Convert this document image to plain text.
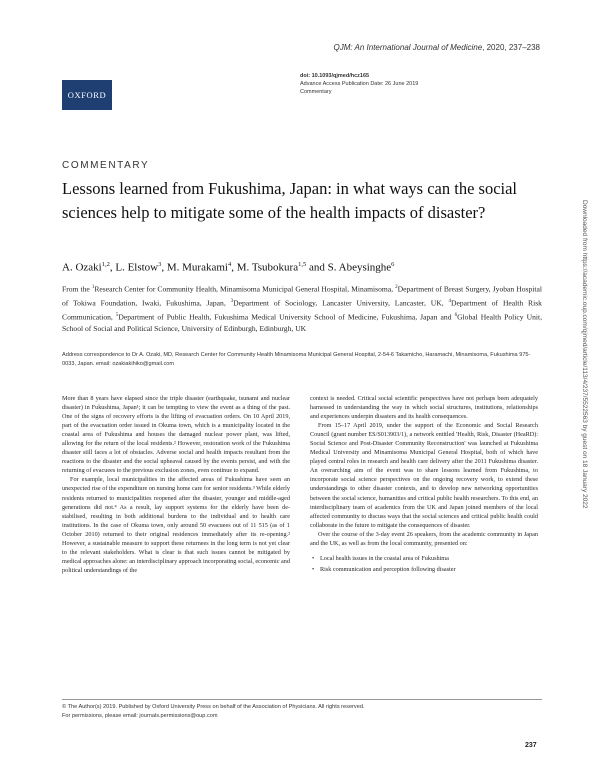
OXFORD
QJM: An International Journal of Medicine, 2020, 237–238
doi: 10.1093/qjmed/hcz165
Advance Access Publication Date: 26 June 2019
Commentary
COMMENTARY
Lessons learned from Fukushima, Japan: in what ways can the social sciences help to mitigate some of the health impacts of disaster?
A. Ozaki$^{1,2}$, L. Elstow$^3$, M. Murakami$^4$, M. Tsubokura$^{1,5}$ and S. Abeysinghe$^6$
From the $^1$Research Center for Community Health, Minamisoma Municipal General Hospital, Minamisoma, $^2$Department of Breast Surgery, Jyoban Hospital of Tokiwa Foundation, Iwaki, Fukushima, Japan, $^3$Department of Sociology, Lancaster University, Lancaster, UK, $^4$Department of Health Risk Communication, $^5$Department of Public Health, Fukushima Medical University School of Medicine, Fukushima, Japan and $^6$Global Health Policy Unit, School of Social and Political Science, University of Edinburgh, Edinburgh, UK
Address correspondence to Dr A. Ozaki, MD, Research Center for Community Health Minamisoma Municipal General Hospital, 2-54-6 Takamicho, Haramachi, Minamisoma, Fukushima 975-0033, Japan. email: ozakiakihiko@gmail.com

More than 8 years have elapsed since the triple disaster (earthquake, tsunami and nuclear disaster) in Fukushima, Japan¹; it can be tempting to view the event as a thing of the past. One of the signs of recovery efforts is the lifting of evacuation orders. On 10 April 2019, part of the evacuation order issued in Okuma town, which is a municipality located in the coastal area of Fukushima and houses the damaged nuclear power plant, was lifted, allowing for the return of the local residents.² However, restoration work of the Fukushima disaster still faces a lot of obstacles. Adverse social and health impacts resultant from the reactions to the disaster and the social upheaval caused by the events persist, and with the returning of evacuees to the previous exclusion zones, even continue to expand.

For example, local municipalities in the affected areas of Fukushima have seen an unexpected rise of the expenditure on nursing home care for senior residents.³ While elderly residents returned to municipalities reopened after the disaster, younger and middle-aged generations did not.⁴ As a result, lay support systems for the elderly have been de-stabilised, resulting in both additional burdens to the individual and to health care institutions. In the case of Okuma town, only around 50 evacuees out of 11 515 (as of 1 October 2010) returned to their original residences immediately after its re-opening.² However, a sustainable measure to support these returnees in the long term is not yet clear to the relevant stakeholders. What is clear is that such issues cannot be mitigated by medical approaches alone: an interdisciplinary approach incorporating social, economic and political understandings of the

context is needed. Critical social scientific perspectives have not perhaps been adequately harnessed in understanding the way in which social structures, institutions, relationships and experiences underpin disasters and its health consequences.

From 15–17 April 2019, under the support of the Economic and Social Research Council (grant number ES/S013903/1), a network entitled 'Health, Risk, Disaster (HeaRD): Social Science and Post-Disaster Community Reconstruction' was launched at Fukushima Medical University and Minamisoma Municipal General Hospital, both of which have played central roles in research and health care delivery after the 2011 Fukushima disaster. An overarching aim of the event was to share lessons learned from Fukushima, to incorporate social science perspectives on the ongoing recovery work, to extend these understandings to other disaster contexts, and to develop new networking opportunities between the social science, humanities and critical public health researchers. To this end, an interdisciplinary team of academics from the UK and Japan joined members of the local affected community to discuss ways that the social sciences and critical public health could collaborate in the future to mitigate the consequences of disaster.

Over the course of the 3-day event 26 speakers, from the academic community in Japan and the UK, as well as from the local community, presented on:

• Local health issues in the coastal area of Fukushima
• Risk communication and perception following disaster
© The Author(s) 2019. Published by Oxford University Press on behalf of the Association of Physicians. All rights reserved.
For permissions, please email: journals.permissions@oup.com
237
Downloaded from https://academic.oup.com/qjmed/article/113/4/237/5522563 by guest on 18 January 2022
